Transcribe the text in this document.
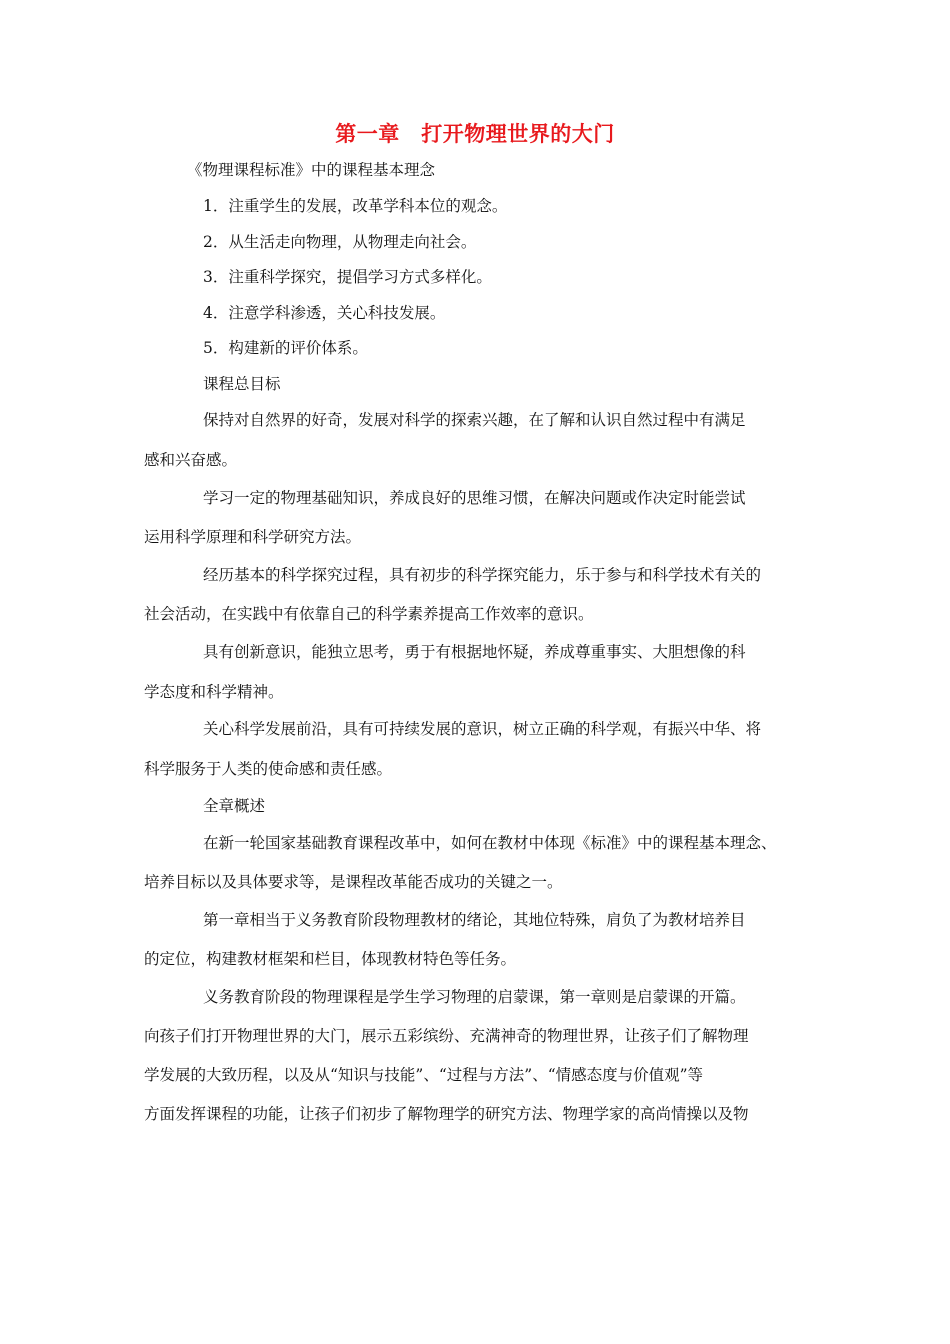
第一章　打开物理世界的大门
《物理课程标准》中的课程基本理念
1．注重学生的发展，改革学科本位的观念。
2．从生活走向物理，从物理走向社会。
3．注重科学探究，提倡学习方式多样化。
4．注意学科渗透，关心科技发展。
5．构建新的评价体系。
课程总目标
保持对自然界的好奇，发展对科学的探索兴趣，在了解和认识自然过程中有满足
感和兴奋感。
学习一定的物理基础知识，养成良好的思维习惯，在解决问题或作决定时能尝试
运用科学原理和科学研究方法。
经历基本的科学探究过程，具有初步的科学探究能力，乐于参与和科学技术有关的
社会活动，在实践中有依靠自己的科学素养提高工作效率的意识。
具有创新意识，能独立思考，勇于有根据地怀疑，养成尊重事实、大胆想像的科
学态度和科学精神。
关心科学发展前沿，具有可持续发展的意识，树立正确的科学观，有振兴中华、将
科学服务于人类的使命感和责任感。
全章概述
在新一轮国家基础教育课程改革中，如何在教材中体现《标准》中的课程基本理念、
培养目标以及具体要求等，是课程改革能否成功的关键之一。
第一章相当于义务教育阶段物理教材的绪论，其地位特殊，肩负了为教材培养目
的定位，构建教材框架和栏目，体现教材特色等任务。
义务教育阶段的物理课程是学生学习物理的启蒙课，第一章则是启蒙课的开篇。
向孩子们打开物理世界的大门，展示五彩缤纷、充满神奇的物理世界，让孩子们了解物理
学发展的大致历程，以及从“知识与技能”、“过程与方法”、“情感态度与价值观”等
方面发挥课程的功能，让孩子们初步了解物理学的研究方法、物理学家的高尚情操以及物
